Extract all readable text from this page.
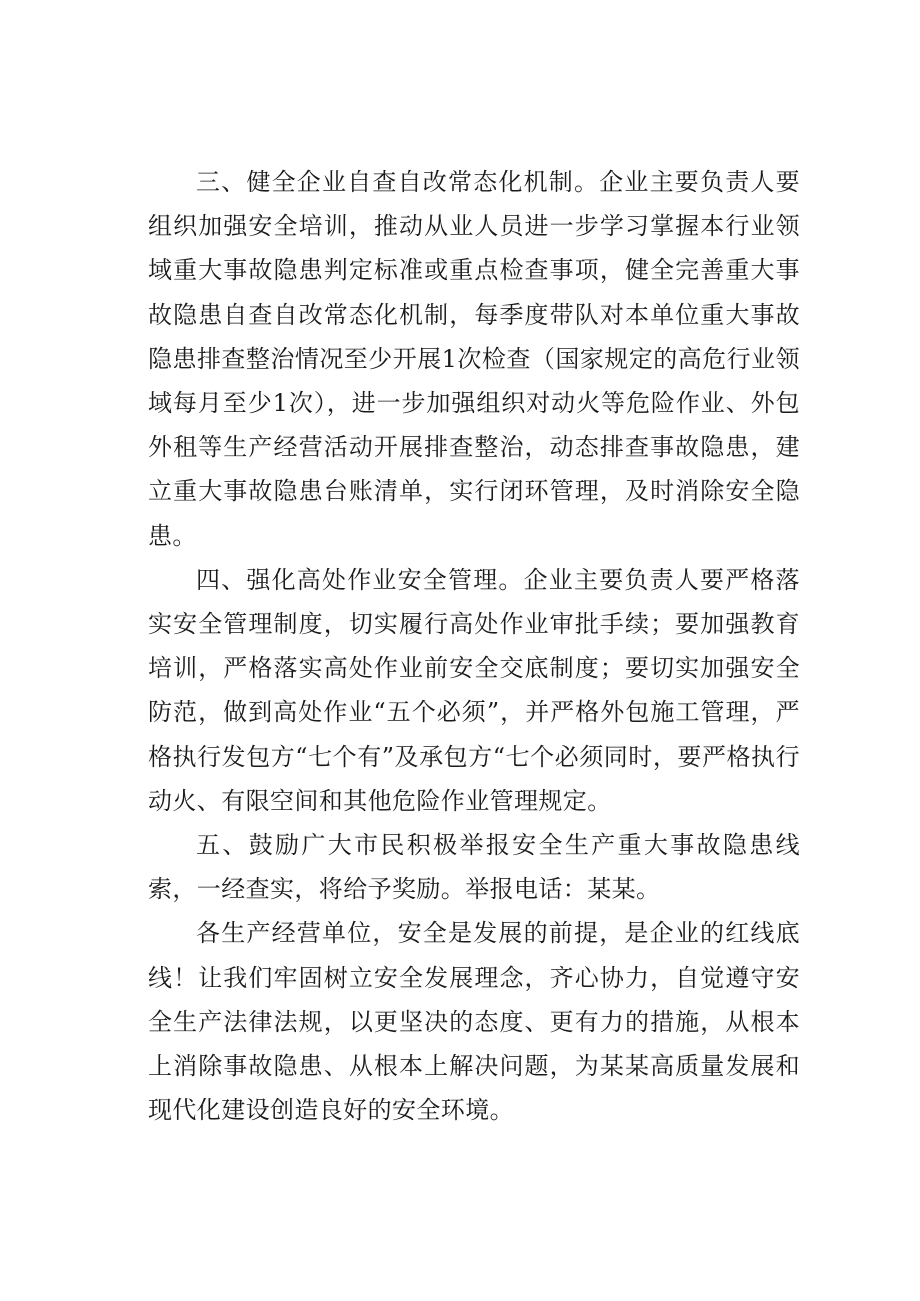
三、健全企业自查自改常态化机制。企业主要负责人要组织加强安全培训，推动从业人员进一步学习掌握本行业领域重大事故隐患判定标准或重点检查事项，健全完善重大事故隐患自查自改常态化机制，每季度带队对本单位重大事故隐患排查整治情况至少开展1次检查（国家规定的高危行业领域每月至少1次），进一步加强组织对动火等危险作业、外包外租等生产经营活动开展排查整治，动态排查事故隐患，建立重大事故隐患台账清单，实行闭环管理，及时消除安全隐患。

四、强化高处作业安全管理。企业主要负责人要严格落实安全管理制度，切实履行高处作业审批手续；要加强教育培训，严格落实高处作业前安全交底制度；要切实加强安全防范，做到高处作业“五个必须”，并严格外包施工管理，严格执行发包方“七个有”及承包方“七个必须同时，要严格执行动火、有限空间和其他危险作业管理规定。

五、鼓励广大市民积极举报安全生产重大事故隐患线索，一经查实，将给予奖励。举报电话：某某。

各生产经营单位，安全是发展的前提，是企业的红线底线！让我们牢固树立安全发展理念，齐心协力，自觉遵守安全生产法律法规，以更坚决的态度、更有力的措施，从根本上消除事故隐患、从根本上解决问题，为某某高质量发展和现代化建设创造良好的安全环境。
